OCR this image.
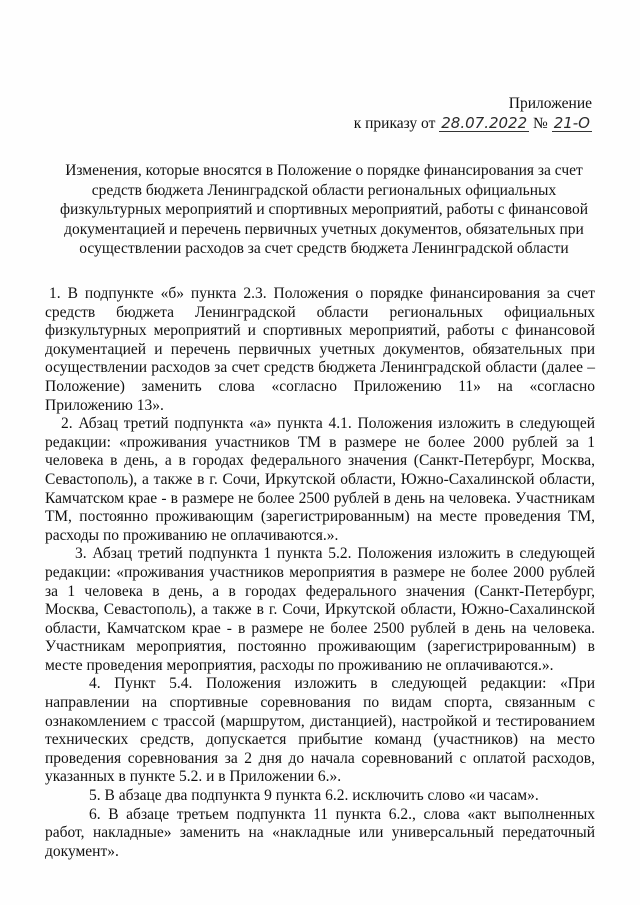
Приложение
к приказу от 28.07.2022 № 21-О
Изменения, которые вносятся в Положение о порядке финансирования за счет средств бюджета Ленинградской области региональных официальных физкультурных мероприятий и спортивных мероприятий, работы с финансовой документацией и перечень первичных учетных документов, обязательных при осуществлении расходов за счет средств бюджета Ленинградской области

1. В подпункте «б» пункта 2.3. Положения о порядке финансирования за счет средств бюджета Ленинградской области региональных официальных физкультурных мероприятий и спортивных мероприятий, работы с финансовой документацией и перечень первичных учетных документов, обязательных при осуществлении расходов за счет средств бюджета Ленинградской области (далее – Положение) заменить слова «согласно Приложению 11» на «согласно Приложению 13».

2. Абзац третий подпункта «а» пункта 4.1. Положения изложить в следующей редакции: «проживания участников ТМ в размере не более 2000 рублей за 1 человека в день, а в городах федерального значения (Санкт-Петербург, Москва, Севастополь), а также в г. Сочи, Иркутской области, Южно-Сахалинской области, Камчатском крае - в размере не более 2500 рублей в день на человека. Участникам ТМ, постоянно проживающим (зарегистрированным) на месте проведения ТМ, расходы по проживанию не оплачиваются.».

3. Абзац третий подпункта 1 пункта 5.2. Положения изложить в следующей редакции: «проживания участников мероприятия в размере не более 2000 рублей за 1 человека в день, а в городах федерального значения (Санкт-Петербург, Москва, Севастополь), а также в г. Сочи, Иркутской области, Южно-Сахалинской области, Камчатском крае - в размере не более 2500 рублей в день на человека. Участникам мероприятия, постоянно проживающим (зарегистрированным) в месте проведения мероприятия, расходы по проживанию не оплачиваются.».

4. Пункт 5.4. Положения изложить в следующей редакции: «При направлении на спортивные соревнования по видам спорта, связанным с ознакомлением с трассой (маршрутом, дистанцией), настройкой и тестированием технических средств, допускается прибытие команд (участников) на место проведения соревнования за 2 дня до начала соревнований с оплатой расходов, указанных в пункте 5.2. и в Приложении 6.».

5. В абзаце два подпункта 9 пункта 6.2. исключить слово «и часам».

6. В абзаце третьем подпункта 11 пункта 6.2., слова «акт выполненных работ, накладные» заменить на «накладные или универсальный передаточный документ».
